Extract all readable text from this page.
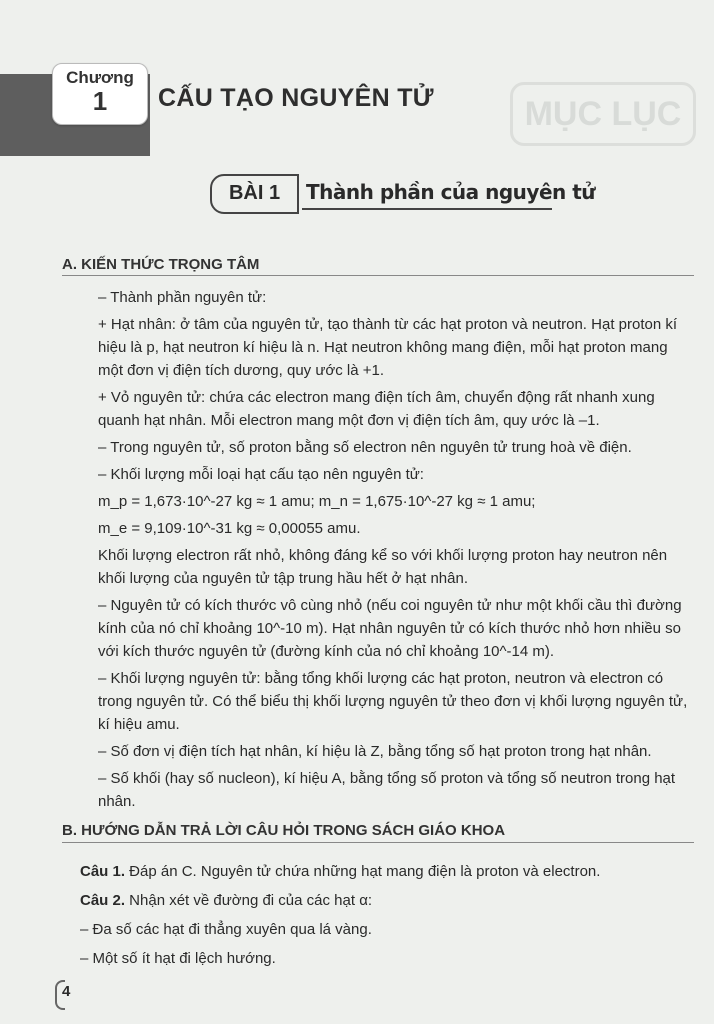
Chương
1	CẤU TẠO NGUYÊN TỬ	MỤC LỤC
BÀI 1	Thành phần của nguyên tử
A. KIẾN THỨC TRỌNG TÂM

– Thành phần nguyên tử:

+ Hạt nhân: ở tâm của nguyên tử, tạo thành từ các hạt proton và neutron. Hạt proton kí hiệu là p, hạt neutron kí hiệu là n. Hạt neutron không mang điện, mỗi hạt proton mang một đơn vị điện tích dương, quy ước là +1.

+ Vỏ nguyên tử: chứa các electron mang điện tích âm, chuyển động rất nhanh xung quanh hạt nhân. Mỗi electron mang một đơn vị điện tích âm, quy ước là –1.

– Trong nguyên tử, số proton bằng số electron nên nguyên tử trung hoà về điện.

– Khối lượng mỗi loại hạt cấu tạo nên nguyên tử:

m_p = 1,673·10^-27 kg ≈ 1 amu; m_n = 1,675·10^-27 kg ≈ 1 amu;

m_e = 9,109·10^-31 kg ≈ 0,00055 amu.

Khối lượng electron rất nhỏ, không đáng kể so với khối lượng proton hay neutron nên khối lượng của nguyên tử tập trung hầu hết ở hạt nhân.

– Nguyên tử có kích thước vô cùng nhỏ (nếu coi nguyên tử như một khối cầu thì đường kính của nó chỉ khoảng 10^-10 m). Hạt nhân nguyên tử có kích thước nhỏ hơn nhiều so với kích thước nguyên tử (đường kính của nó chỉ khoảng 10^-14 m).

– Khối lượng nguyên tử: bằng tổng khối lượng các hạt proton, neutron và electron có trong nguyên tử. Có thể biểu thị khối lượng nguyên tử theo đơn vị khối lượng nguyên tử, kí hiệu amu.

– Số đơn vị điện tích hạt nhân, kí hiệu là Z, bằng tổng số hạt proton trong hạt nhân.

– Số khối (hay số nucleon), kí hiệu A, bằng tổng số proton và tổng số neutron trong hạt nhân.

B. HƯỚNG DẪN TRẢ LỜI CÂU HỎI TRONG SÁCH GIÁO KHOA

Câu 1. Đáp án C. Nguyên tử chứa những hạt mang điện là proton và electron.

Câu 2. Nhận xét về đường đi của các hạt α:

– Đa số các hạt đi thẳng xuyên qua lá vàng.

– Một số ít hạt đi lệch hướng.

4
